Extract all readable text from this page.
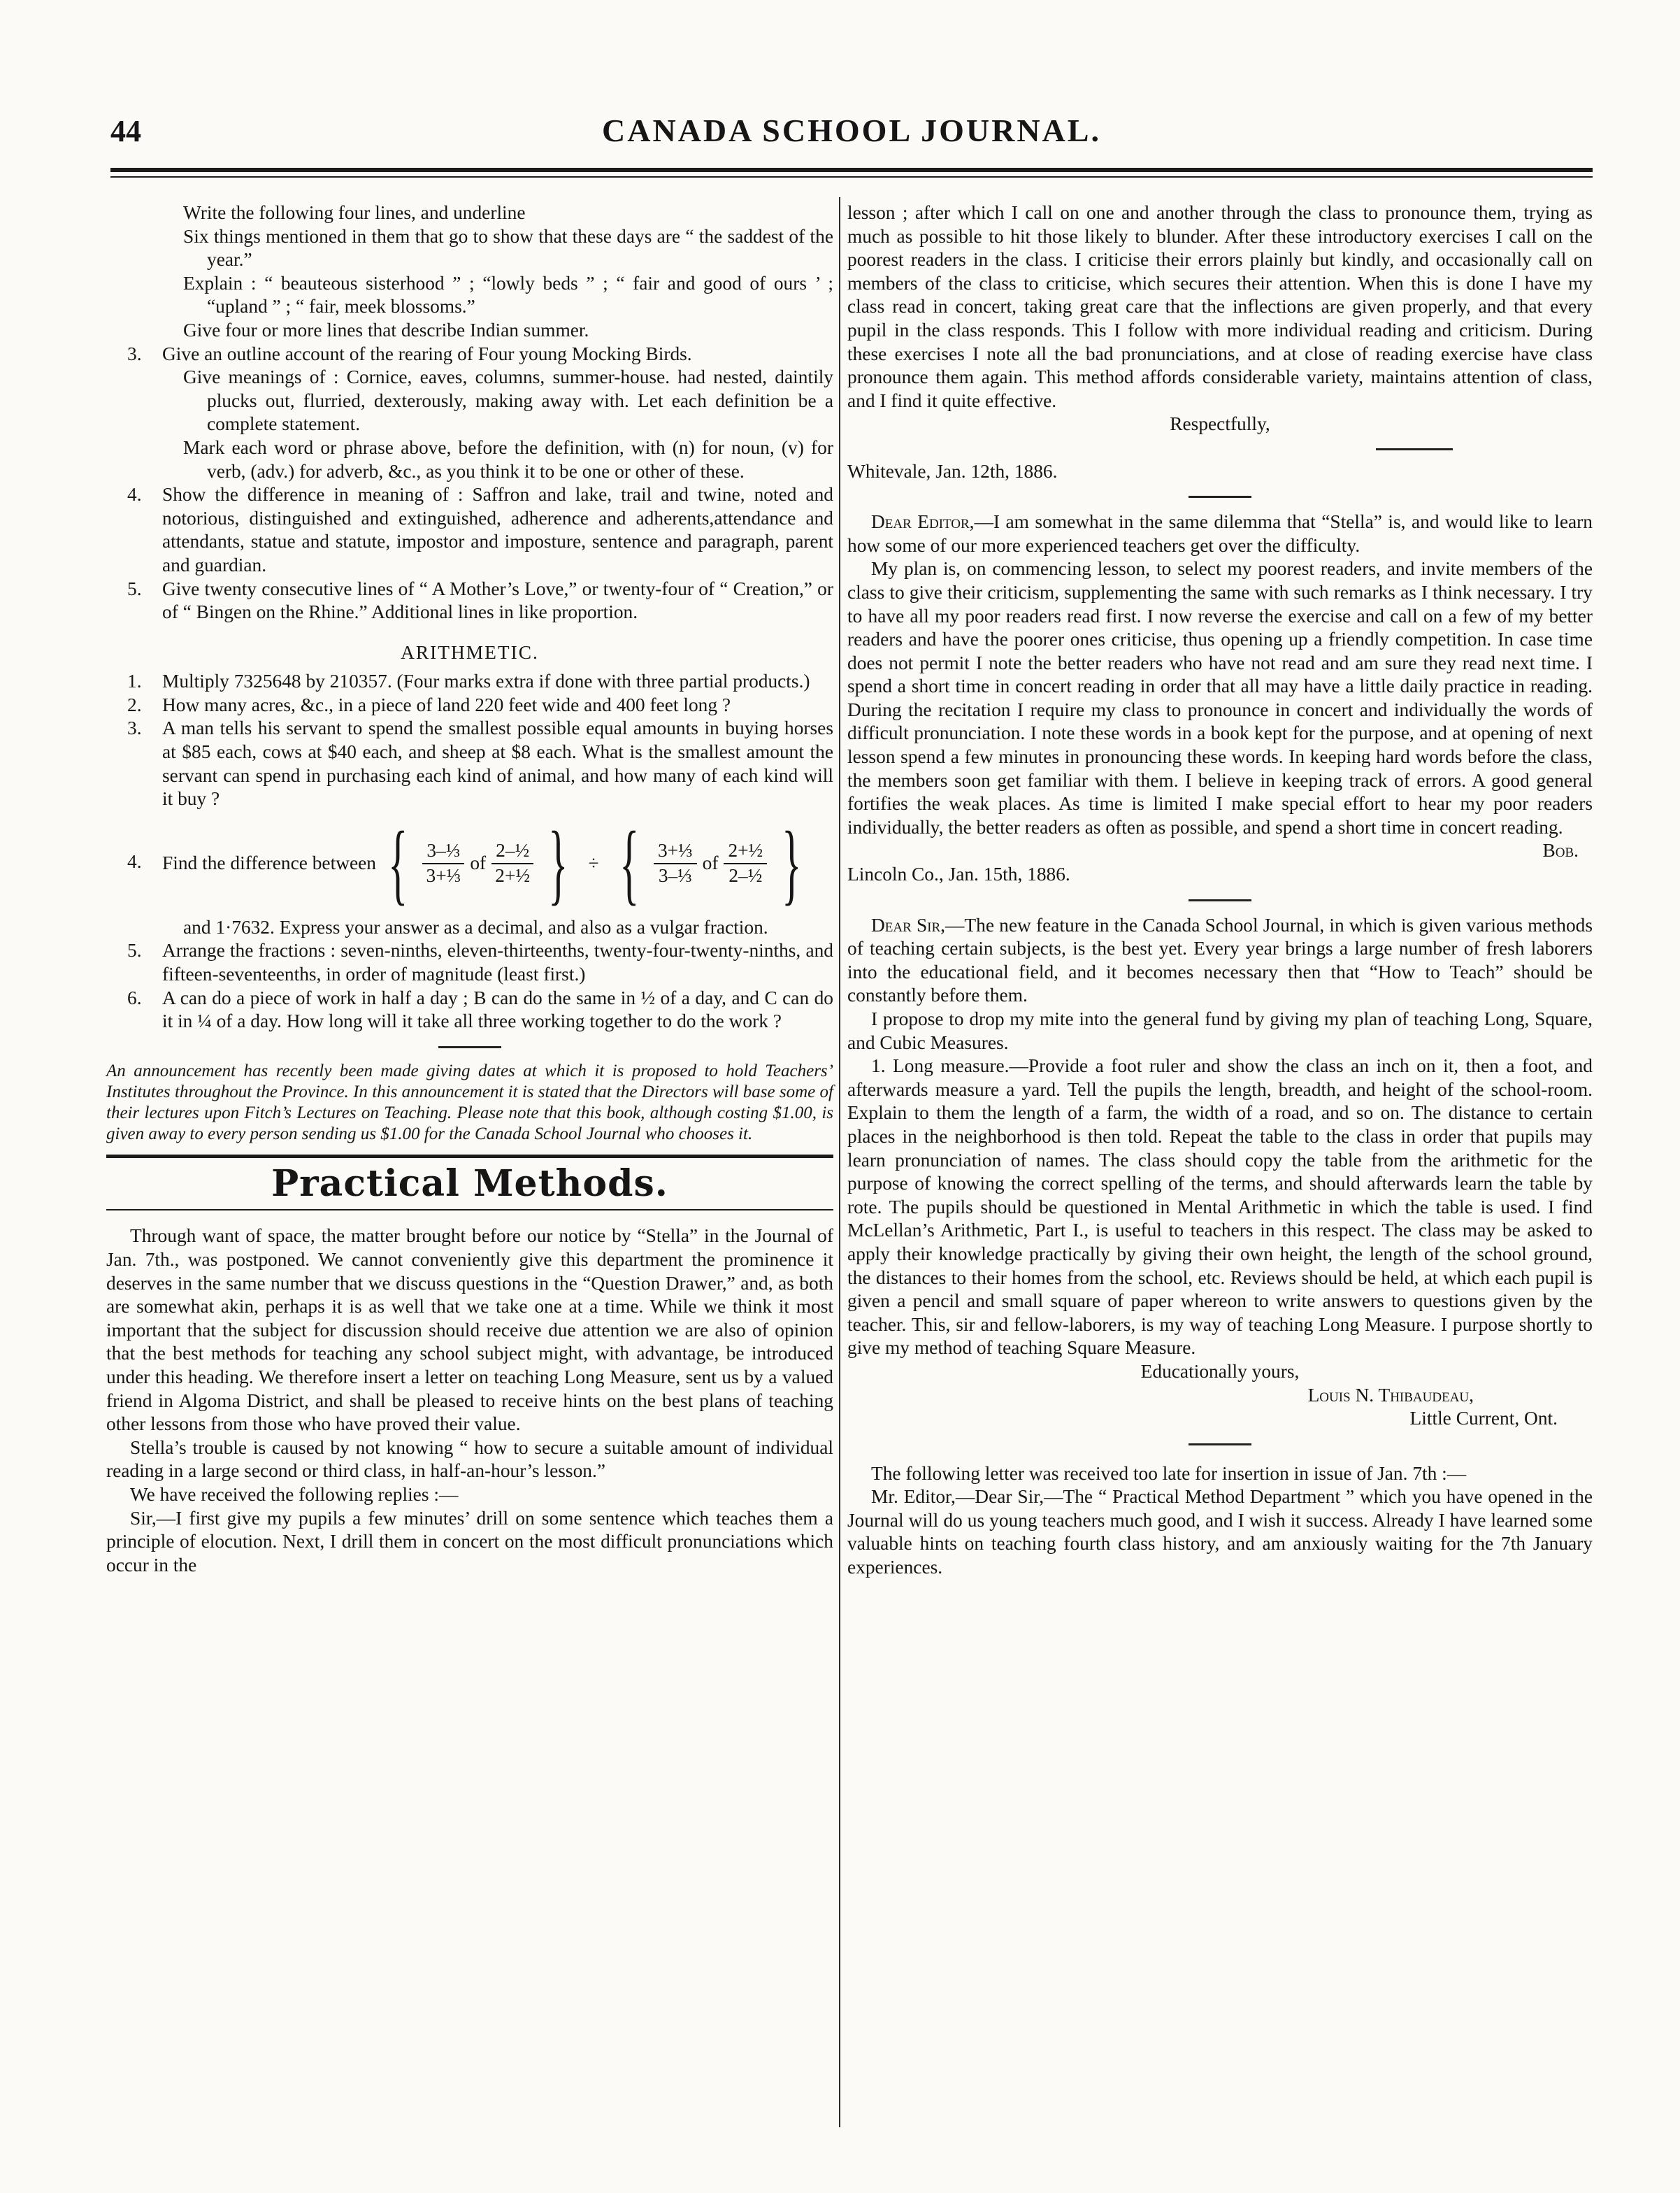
44	CANADA SCHOOL JOURNAL.

Write the following four lines, and underline

Six things mentioned in them that go to show that these days are “ the saddest of the year.”

Explain : “ beauteous sisterhood ” ; “lowly beds ” ; “ fair and good of ours ’ ; “upland ” ; “ fair, meek blossoms.”

Give four or more lines that describe Indian summer.

3. Give an outline account of the rearing of Four young Mocking Birds.

Give meanings of : Cornice, eaves, columns, summer-house. had nested, daintily plucks out, flurried, dexterously, making away with. Let each definition be a complete statement.

Mark each word or phrase above, before the definition, with (n) for noun, (v) for verb, (adv.) for adverb, &c., as you think it to be one or other of these.

4. Show the difference in meaning of : Saffron and lake, trail and twine, noted and notorious, distinguished and extinguished, adherence and adherents,attendance and attendants, statue and statute, impostor and imposture, sentence and paragraph, parent and guardian.
5. Give twenty consecutive lines of “ A Mother’s Love,” or twenty-four of “ Creation,” or of “ Bingen on the Rhine.” Additional lines in like proportion.
ARITHMETIC.
1. Multiply 7325648 by 210357. (Four marks extra if done with three partial products.)
2. How many acres, &c., in a piece of land 220 feet wide and 400 feet long ?
3. A man tells his servant to spend the smallest possible equal amounts in buying horses at $85 each, cows at $40 each, and sheep at $8 each. What is the smallest amount the servant can spend in purchasing each kind of animal, and how many of each kind will it buy ?
4. Find the difference between { $\frac{\text{3–⅓}}{\text{3+⅓}}$ of $\frac{\text{2–½}}{\text{2+½}}$ } ÷ { $\frac{\text{3+⅓}}{\text{3–⅓}}$ of $\frac{\text{2+½}}{\text{2–½}}$ }

and 1·7632. Express your answer as a decimal, and also as a vulgar fraction.

5. Arrange the fractions : seven-ninths, eleven-thirteenths, twenty-four-twenty-ninths, and fifteen-seventeenths, in order of magnitude (least first.)
6. A can do a piece of work in half a day ; B can do the same in ½ of a day, and C can do it in ¼ of a day. How long will it take all three working together to do the work ?

An announcement has recently been made giving dates at which it is proposed to hold Teachers’ Institutes throughout the Province. In this announcement it is stated that the Directors will base some of their lectures upon Fitch’s Lectures on Teaching. Please note that this book, although costing $1.00, is given away to every person sending us $1.00 for the Canada School Journal who chooses it.

Practical Methods.

Through want of space, the matter brought before our notice by “Stella” in the Journal of Jan. 7th., was postponed. We cannot conveniently give this department the prominence it deserves in the same number that we discuss questions in the “Question Drawer,” and, as both are somewhat akin, perhaps it is as well that we take one at a time. While we think it most important that the subject for discussion should receive due attention we are also of opinion that the best methods for teaching any school subject might, with advantage, be introduced under this heading. We therefore insert a letter on teaching Long Measure, sent us by a valued friend in Algoma District, and shall be pleased to receive hints on the best plans of teaching other lessons from those who have proved their value.

Stella’s trouble is caused by not knowing “ how to secure a suitable amount of individual reading in a large second or third class, in half-an-hour’s lesson.”

We have received the following replies :—

Sir,—I first give my pupils a few minutes’ drill on some sentence which teaches them a principle of elocution. Next, I drill them in concert on the most difficult pronunciations which occur in the

lesson ; after which I call on one and another through the class to pronounce them, trying as much as possible to hit those likely to blunder. After these introductory exercises I call on the poorest readers in the class. I criticise their errors plainly but kindly, and occasionally call on members of the class to criticise, which secures their attention. When this is done I have my class read in concert, taking great care that the inflections are given properly, and that every pupil in the class responds. This I follow with more individual reading and criticism. During these exercises I note all the bad pronunciations, and at close of reading exercise have class pronounce them again. This method affords considerable variety, maintains attention of class, and I find it quite effective.

Respectfully,

Whitevale, Jan. 12th, 1886.

Dear Editor,—I am somewhat in the same dilemma that “Stella” is, and would like to learn how some of our more experienced teachers get over the difficulty.

My plan is, on commencing lesson, to select my poorest readers, and invite members of the class to give their criticism, supplementing the same with such remarks as I think necessary. I try to have all my poor readers read first. I now reverse the exercise and call on a few of my better readers and have the poorer ones criticise, thus opening up a friendly competition. In case time does not permit I note the better readers who have not read and am sure they read next time. I spend a short time in concert reading in order that all may have a little daily practice in reading. During the recitation I require my class to pronounce in concert and individually the words of difficult pronunciation. I note these words in a book kept for the purpose, and at opening of next lesson spend a few minutes in pronouncing these words. In keeping hard words before the class, the members soon get familiar with them. I believe in keeping track of errors. A good general fortifies the weak places. As time is limited I make special effort to hear my poor readers individually, the better readers as often as possible, and spend a short time in concert reading.

Bob.

Lincoln Co., Jan. 15th, 1886.

Dear Sir,—The new feature in the Canada School Journal, in which is given various methods of teaching certain subjects, is the best yet. Every year brings a large number of fresh laborers into the educational field, and it becomes necessary then that “How to Teach” should be constantly before them.

I propose to drop my mite into the general fund by giving my plan of teaching Long, Square, and Cubic Measures.

1. Long measure.—Provide a foot ruler and show the class an inch on it, then a foot, and afterwards measure a yard. Tell the pupils the length, breadth, and height of the school-room. Explain to them the length of a farm, the width of a road, and so on. The distance to certain places in the neighborhood is then told. Repeat the table to the class in order that pupils may learn pronunciation of names. The class should copy the table from the arithmetic for the purpose of knowing the correct spelling of the terms, and should afterwards learn the table by rote. The pupils should be questioned in Mental Arithmetic in which the table is used. I find McLellan’s Arithmetic, Part I., is useful to teachers in this respect. The class may be asked to apply their knowledge practically by giving their own height, the length of the school ground, the distances to their homes from the school, etc. Reviews should be held, at which each pupil is given a pencil and small square of paper whereon to write answers to questions given by the teacher. This, sir and fellow-laborers, is my way of teaching Long Measure. I purpose shortly to give my method of teaching Square Measure.

Educationally yours,

Louis N. Thibaudeau,

Little Current, Ont.

The following letter was received too late for insertion in issue of Jan. 7th :—

Mr. Editor,—Dear Sir,—The “ Practical Method Department ” which you have opened in the Journal will do us young teachers much good, and I wish it success. Already I have learned some valuable hints on teaching fourth class history, and am anxiously waiting for the 7th January experiences.
